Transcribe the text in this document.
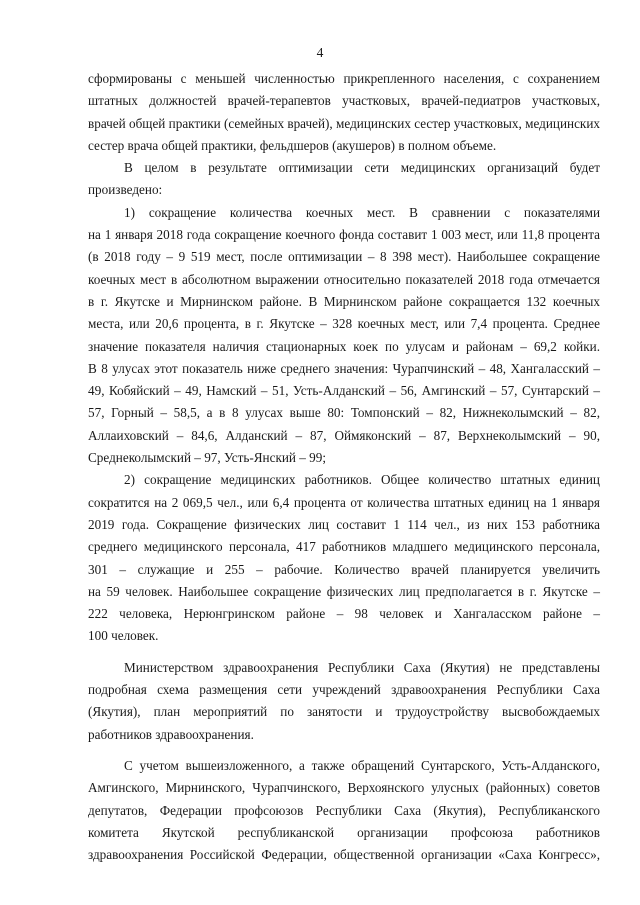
4
сформированы с меньшей численностью прикрепленного населения, с сохранением
штатных должностей врачей-терапевтов участковых, врачей-педиатров участковых,
врачей общей практики (семейных врачей), медицинских сестер участковых, медицинских
сестер врача общей практики, фельдшеров (акушеров) в полном объеме.
В целом в результате оптимизации сети медицинских организаций будет
произведено:
1) сокращение количества коечных мест. В сравнении с показателями
на 1 января 2018 года сокращение коечного фонда составит 1 003 мест, или 11,8 процента
(в 2018 году – 9 519 мест, после оптимизации – 8 398 мест). Наибольшее сокращение
коечных мест в абсолютном выражении относительно показателей 2018 года отмечается
в г. Якутске и Мирнинском районе. В Мирнинском районе сокращается 132 коечных
места, или 20,6 процента, в г. Якутске – 328 коечных мест, или 7,4 процента. Среднее
значение показателя наличия стационарных коек по улусам и районам – 69,2 койки.
В 8 улусах этот показатель ниже среднего значения: Чурапчинский – 48, Хангаласский –
49, Кобяйский – 49, Намский – 51, Усть-Алданский – 56, Амгинский – 57, Сунтарский –
57, Горный – 58,5, а в 8 улусах выше 80: Томпонский – 82, Нижнеколымский – 82,
Аллаиховский – 84,6, Алданский – 87, Оймяконский – 87, Верхнеколымский – 90,
Среднеколымский – 97, Усть-Янский – 99;
2) сокращение медицинских работников. Общее количество штатных единиц
сократится на 2 069,5 чел., или 6,4 процента от количества штатных единиц на 1 января
2019 года. Сокращение физических лиц составит 1 114 чел., из них 153 работника
среднего медицинского персонала, 417 работников младшего медицинского персонала,
301 – служащие и 255 – рабочие. Количество врачей планируется увеличить
на 59 человек. Наибольшее сокращение физических лиц предполагается в г. Якутске –
222 человека, Нерюнгринском районе – 98 человек и Хангаласском районе –
100 человек.
Министерством здравоохранения Республики Саха (Якутия) не представлены
подробная схема размещения сети учреждений здравоохранения Республики Саха
(Якутия), план мероприятий по занятости и трудоустройству высвобождаемых
работников здравоохранения.
С учетом вышеизложенного, а также обращений Сунтарского, Усть-Алданского,
Амгинского, Мирнинского, Чурапчинского, Верхоянского улусных (районных) советов
депутатов, Федерации профсоюзов Республики Саха (Якутия), Республиканского
комитета Якутской республиканской организации профсоюза работников
здравоохранения Российской Федерации, общественной организации «Саха Конгресс»,
